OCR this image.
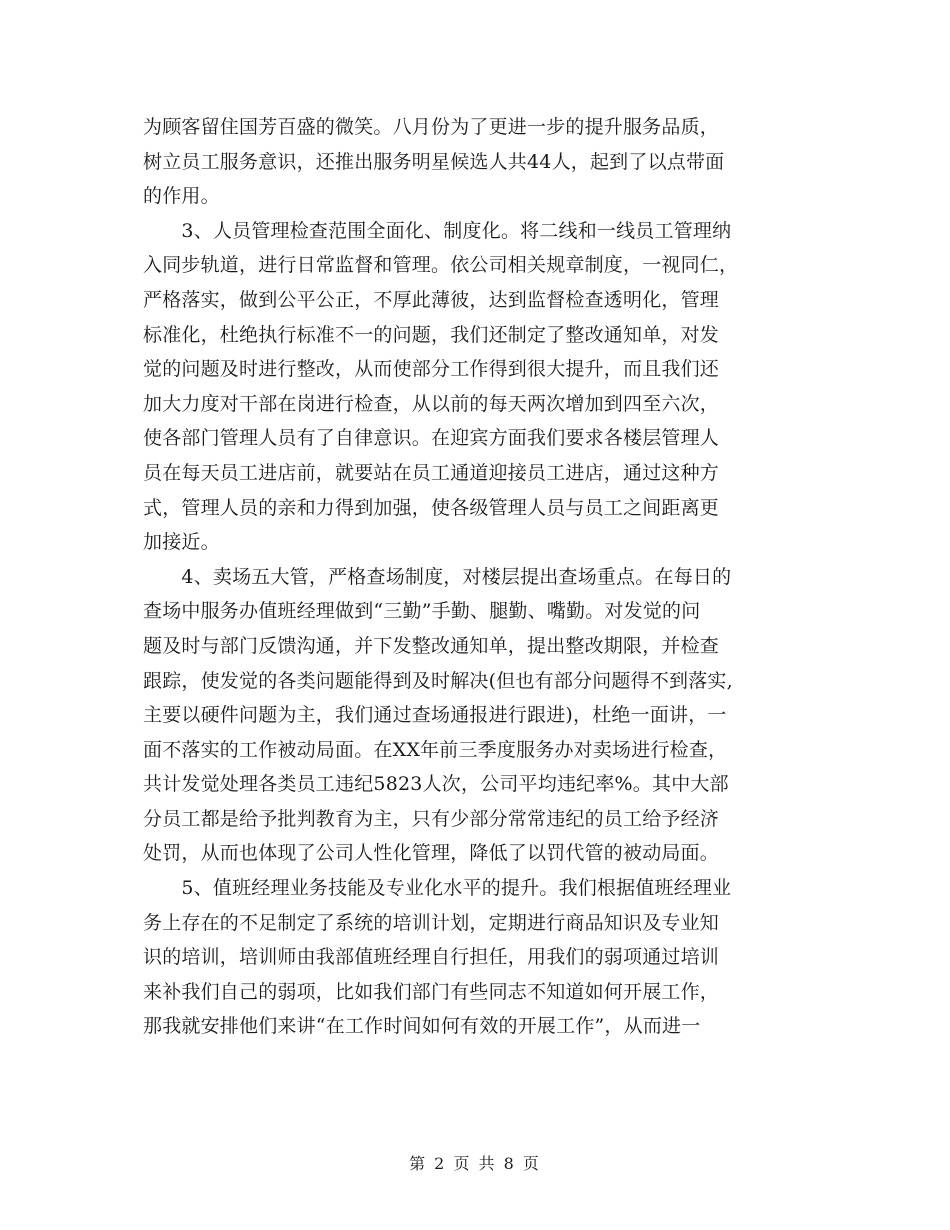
为顾客留住国芳百盛的微笑。八月份为了更进一步的提升服务品质，

树立员工服务意识，还推出服务明星候选人共44人，起到了以点带面

的作用。

　　3、人员管理检查范围全面化、制度化。将二线和一线员工管理纳

入同步轨道，进行日常监督和管理。依公司相关规章制度，一视同仁，

严格落实，做到公平公正，不厚此薄彼，达到监督检查透明化，管理

标准化，杜绝执行标准不一的问题，我们还制定了整改通知单，对发

觉的问题及时进行整改，从而使部分工作得到很大提升，而且我们还

加大力度对干部在岗进行检查，从以前的每天两次增加到四至六次，

使各部门管理人员有了自律意识。在迎宾方面我们要求各楼层管理人

员在每天员工进店前，就要站在员工通道迎接员工进店，通过这种方

式，管理人员的亲和力得到加强，使各级管理人员与员工之间距离更

加接近。

　　4、卖场五大管，严格查场制度，对楼层提出查场重点。在每日的

查场中服务办值班经理做到“三勤”手勤、腿勤、嘴勤。对发觉的问

题及时与部门反馈沟通，并下发整改通知单，提出整改期限，并检查

跟踪，使发觉的各类问题能得到及时解决(但也有部分问题得不到落实,

主要以硬件问题为主，我们通过查场通报进行跟进)，杜绝一面讲，一

面不落实的工作被动局面。在XX年前三季度服务办对卖场进行检查，

共计发觉处理各类员工违纪5823人次，公司平均违纪率%。其中大部

分员工都是给予批判教育为主，只有少部分常常违纪的员工给予经济

处罚，从而也体现了公司人性化管理，降低了以罚代管的被动局面。

　　5、值班经理业务技能及专业化水平的提升。我们根据值班经理业

务上存在的不足制定了系统的培训计划，定期进行商品知识及专业知

识的培训，培训师由我部值班经理自行担任，用我们的弱项通过培训

来补我们自己的弱项，比如我们部门有些同志不知道如何开展工作，

那我就安排他们来讲“在工作时间如何有效的开展工作”，从而进一

第 2 页 共 8 页
